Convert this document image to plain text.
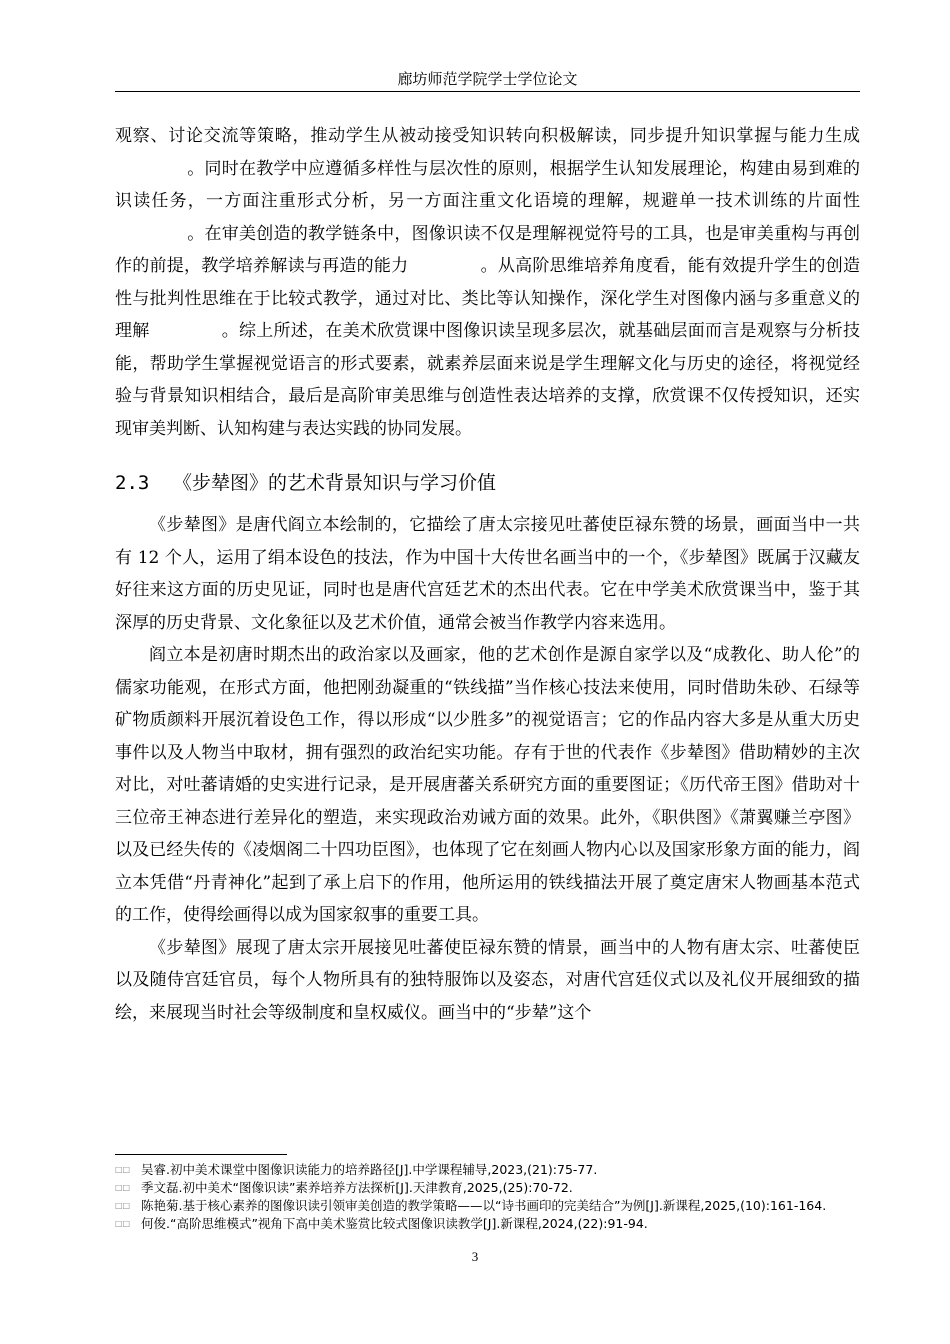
廊坊师范学院学士学位论文

观察、讨论交流等策略，推动学生从被动接受知识转向积极解读，同步提升知识掌握与能力生成。同时在教学中应遵循多样性与层次性的原则，根据学生认知发展理论，构建由易到难的识读任务，一方面注重形式分析，另一方面注重文化语境的理解，规避单一技术训练的片面性。在审美创造的教学链条中，图像识读不仅是理解视觉符号的工具，也是审美重构与再创作的前提，教学培养解读与再造的能力	。从高阶思维培养角度看，能有效提升学生的创造性与批判性思维在于比较式教学，通过对比、类比等认知操作，深化学生对图像内涵与多重意义的理解	。综上所述，在美术欣赏课中图像识读呈现多层次，就基础层面而言是观察与分析技能，帮助学生掌握视觉语言的形式要素，就素养层面来说是学生理解文化与历史的途径，将视觉经验与背景知识相结合，最后是高阶审美思维与创造性表达培养的支撑，欣赏课不仅传授知识，还实现审美判断、认知构建与表达实践的协同发展。

2.3 《步辇图》的艺术背景知识与学习价值

《步辇图》是唐代阎立本绘制的，它描绘了唐太宗接见吐蕃使臣禄东赞的场景，画面当中一共有 12 个人，运用了绢本设色的技法，作为中国十大传世名画当中的一个，《步辇图》既属于汉藏友好往来这方面的历史见证，同时也是唐代宫廷艺术的杰出代表。它在中学美术欣赏课当中，鉴于其深厚的历史背景、文化象征以及艺术价值，通常会被当作教学内容来选用。

阎立本是初唐时期杰出的政治家以及画家，他的艺术创作是源自家学以及“成教化、助人伦”的儒家功能观，在形式方面，他把刚劲凝重的“铁线描”当作核心技法来使用，同时借助朱砂、石绿等矿物质颜料开展沉着设色工作，得以形成“以少胜多”的视觉语言；它的作品内容大多是从重大历史事件以及人物当中取材，拥有强烈的政治纪实功能。存有于世的代表作《步辇图》借助精妙的主次对比，对吐蕃请婚的史实进行记录，是开展唐蕃关系研究方面的重要图证；《历代帝王图》借助对十三位帝王神态进行差异化的塑造，来实现政治劝诫方面的效果。此外，《职供图》《萧翼赚兰亭图》以及已经失传的《凌烟阁二十四功臣图》，也体现了它在刻画人物内心以及国家形象方面的能力，阎立本凭借“丹青神化”起到了承上启下的作用，他所运用的铁线描法开展了奠定唐宋人物画基本范式的工作，使得绘画得以成为国家叙事的重要工具。

《步辇图》展现了唐太宗开展接见吐蕃使臣禄东赞的情景，画当中的人物有唐太宗、吐蕃使臣以及随侍宫廷官员，每个人物所具有的独特服饰以及姿态，对唐代宫廷仪式以及礼仪开展细致的描绘，来展现当时社会等级制度和皇权威仪。画当中的“步辇”这个

□□ 吴睿.初中美术课堂中图像识读能力的培养路径[J].中学课程辅导,2023,(21):75-77.

□□ 季文磊.初中美术“图像识读”素养培养方法探析[J].天津教育,2025,(25):70-72.

□□ 陈艳菊.基于核心素养的图像识读引领审美创造的教学策略——以“诗书画印的完美结合”为例[J].新课程,2025,(10):161-164.

□□ 何俊.“高阶思维模式”视角下高中美术鉴赏比较式图像识读教学[J].新课程,2024,(22):91-94.

3
